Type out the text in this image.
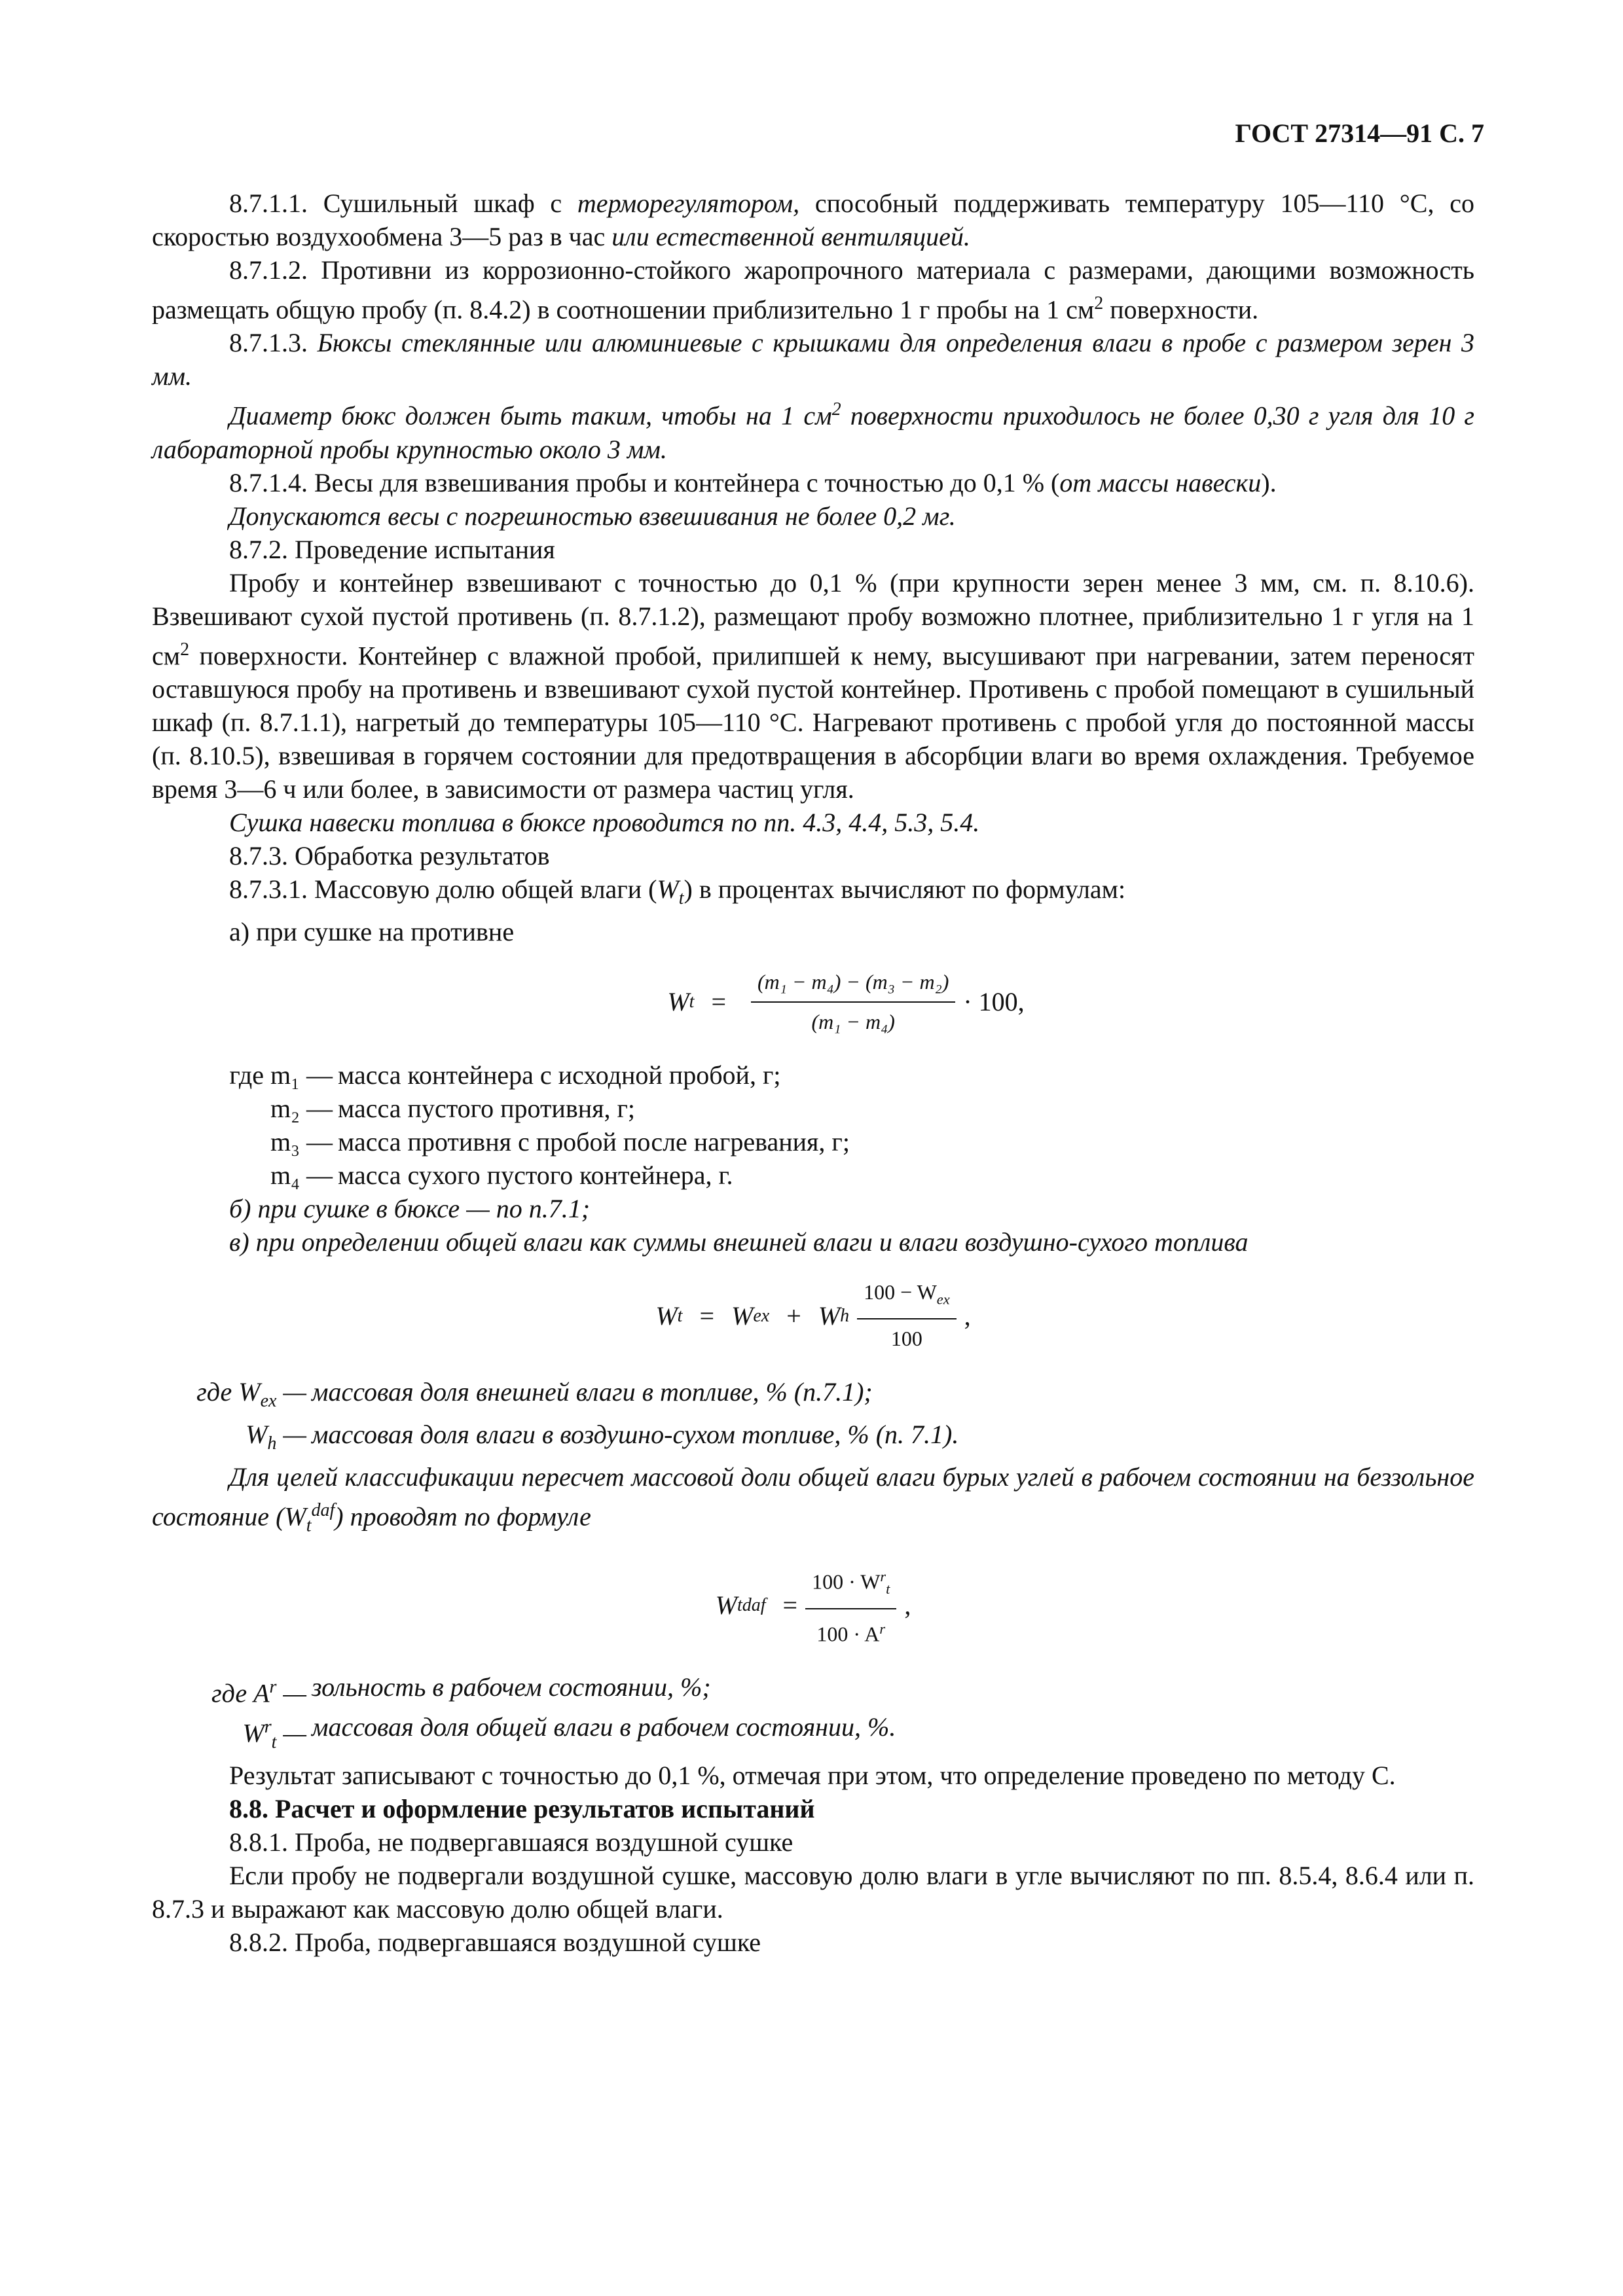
ГОСТ 27314—91 С. 7

8.7.1.1. Сушильный шкаф с терморегулятором, способный поддерживать температуру 105—110 °С, со скоростью воздухообмена 3—5 раз в час или естественной вентиляцией.

8.7.1.2. Противни из коррозионно-стойкого жаропрочного материала с размерами, дающими возможность размещать общую пробу (п. 8.4.2) в соотношении приблизительно 1 г пробы на 1 $см^2$ поверхности.

8.7.1.3. Бюксы стеклянные или алюминиевые с крышками для определения влаги в пробе с размером зерен 3 мм.

Диаметр бюкс должен быть таким, чтобы на 1 $см^2$ поверхности приходилось не более 0,30 г угля для 10 г лабораторной пробы крупностью около 3 мм.

8.7.1.4. Весы для взвешивания пробы и контейнера с точностью до 0,1 % (от массы навески).

Допускаются весы с погрешностью взвешивания не более 0,2 мг.

8.7.2. Проведение испытания

Пробу и контейнер взвешивают с точностью до 0,1 % (при крупности зерен менее 3 мм, см. п. 8.10.6). Взвешивают сухой пустой противень (п. 8.7.1.2), размещают пробу возможно плотнее, приблизительно 1 г угля на 1 $см^2$ поверхности. Контейнер с влажной пробой, прилипшей к нему, высушивают при нагревании, затем переносят оставшуюся пробу на противень и взвешивают сухой пустой контейнер. Противень с пробой помещают в сушильный шкаф (п. 8.7.1.1), нагретый до температуры 105—110 °С. Нагревают противень с пробой угля до постоянной массы (п. 8.10.5), взвешивая в горячем состоянии для предотвращения в абсорбции влаги во время охлаждения. Требуемое время 3—6 ч или более, в зависимости от размера частиц угля.

Сушка навески топлива в бюксе проводится по пп. 4.3, 4.4, 5.3, 5.4.

8.7.3. Обработка результатов

8.7.3.1. Массовую долю общей влаги $(W_t)$ в процентах вычисляют по формулам:

а) при сушке на противне

W $t = \frac{\text{(m₁ − m₄) − (m₃ − m₂)}}{\text{(m₁ − m₄)}} \cdot 100$,
где m₁ — масса контейнера с исходной пробой, г;
m₂ — масса пустого противня, г;
m₃ — масса противня с пробой после нагревания, г;
m₄ — масса сухого пустого контейнера, г.

б) при сушке в бюксе — по п.7.1;

в) при определении общей влаги как суммы внешней влаги и влаги воздушно-сухого топлива

W t = W ex + W h $\frac{100 - W_{ex}}{100}$ ,
где $W_{ex}$ — массовая доля внешней влаги в топливе, % (п.7.1);
$W_h$ — массовая доля влаги в воздушно-сухом топливе, % (п. 7.1).

Для целей классификации пересчет массовой доли общей влаги бурых углей в рабочем состоянии на беззольное состояние $(W_t^{daf})$ проводят по формуле

W t daf = $\frac{100 \cdot W^r_t}{100 \cdot A^r}$ ,
где $A^r$ — зольность в рабочем состоянии, %;
$W^r_t$ — массовая доля общей влаги в рабочем состоянии, %.

Результат записывают с точностью до 0,1 %, отмечая при этом, что определение проведено по методу С.

8.8. Расчет и оформление результатов испытаний

8.8.1. Проба, не подвергавшаяся воздушной сушке

Если пробу не подвергали воздушной сушке, массовую долю влаги в угле вычисляют по пп. 8.5.4, 8.6.4 или п. 8.7.3 и выражают как массовую долю общей влаги.

8.8.2. Проба, подвергавшаяся воздушной сушке
